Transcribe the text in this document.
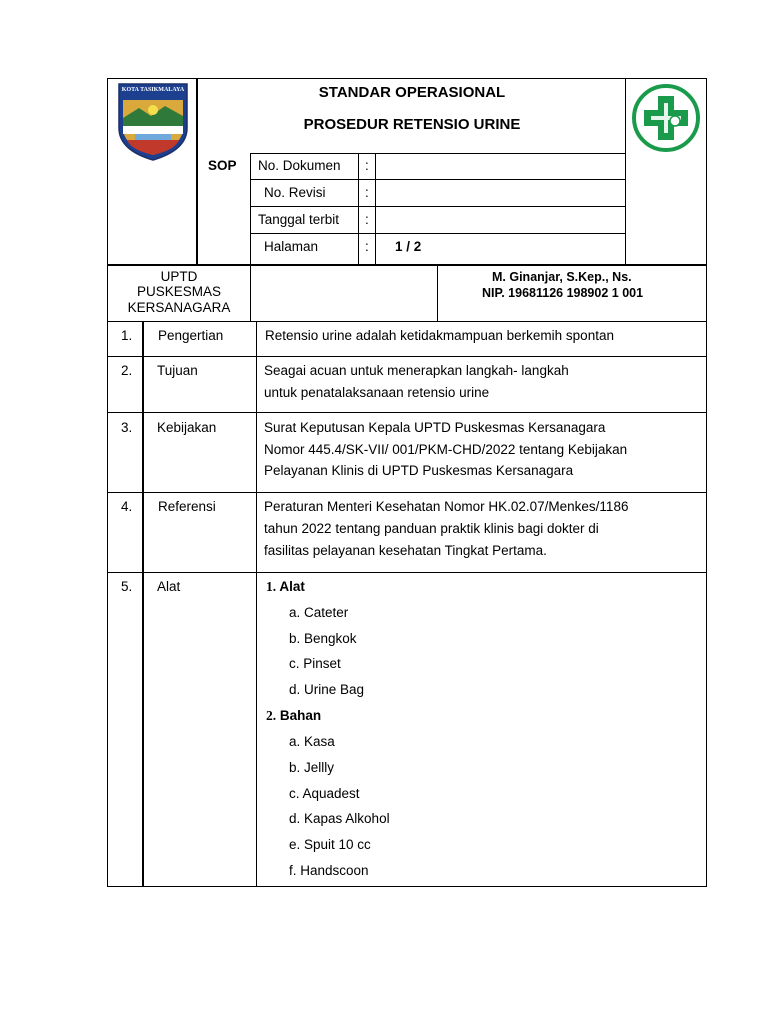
KOTA TASIKMALAYA	STANDAR OPERASIONAL
PROSEDUR RETENSIO URINE
SOP No. Dokumen :
No. Revisi	:
Tanggal terbit :
Halaman	: 1 / 2
UPTD
PUSKESMAS
KERSANAGARA
M. Ginanjar, S.Kep., Ns.
NIP. 19681126 198902 1 001
1. Pengertian	Retensio urine adalah ketidakmampuan berkemih spontan
2. Tujuan	Seagai acuan untuk menerapkan langkah- langkah
untuk penatalaksanaan retensio urine
3. Kebijakan	Surat Keputusan Kepala UPTD Puskesmas Kersanagara
Nomor 445.4/SK-VII/ 001/PKM-CHD/2022 tentang Kebijakan
Pelayanan Klinis di UPTD Puskesmas Kersanagara
4. Referensi	Peraturan Menteri Kesehatan Nomor HK.02.07/Menkes/1186
tahun 2022 tentang panduan praktik klinis bagi dokter di
fasilitas pelayanan kesehatan Tingkat Pertama.
5. Alat	1. Alat
a. Cateter
b. Bengkok
c. Pinset
d. Urine Bag
2. Bahan
a. Kasa
b. Jellly
c. Aquadest
d. Kapas Alkohol
e. Spuit 10 cc
f. Handscoon
